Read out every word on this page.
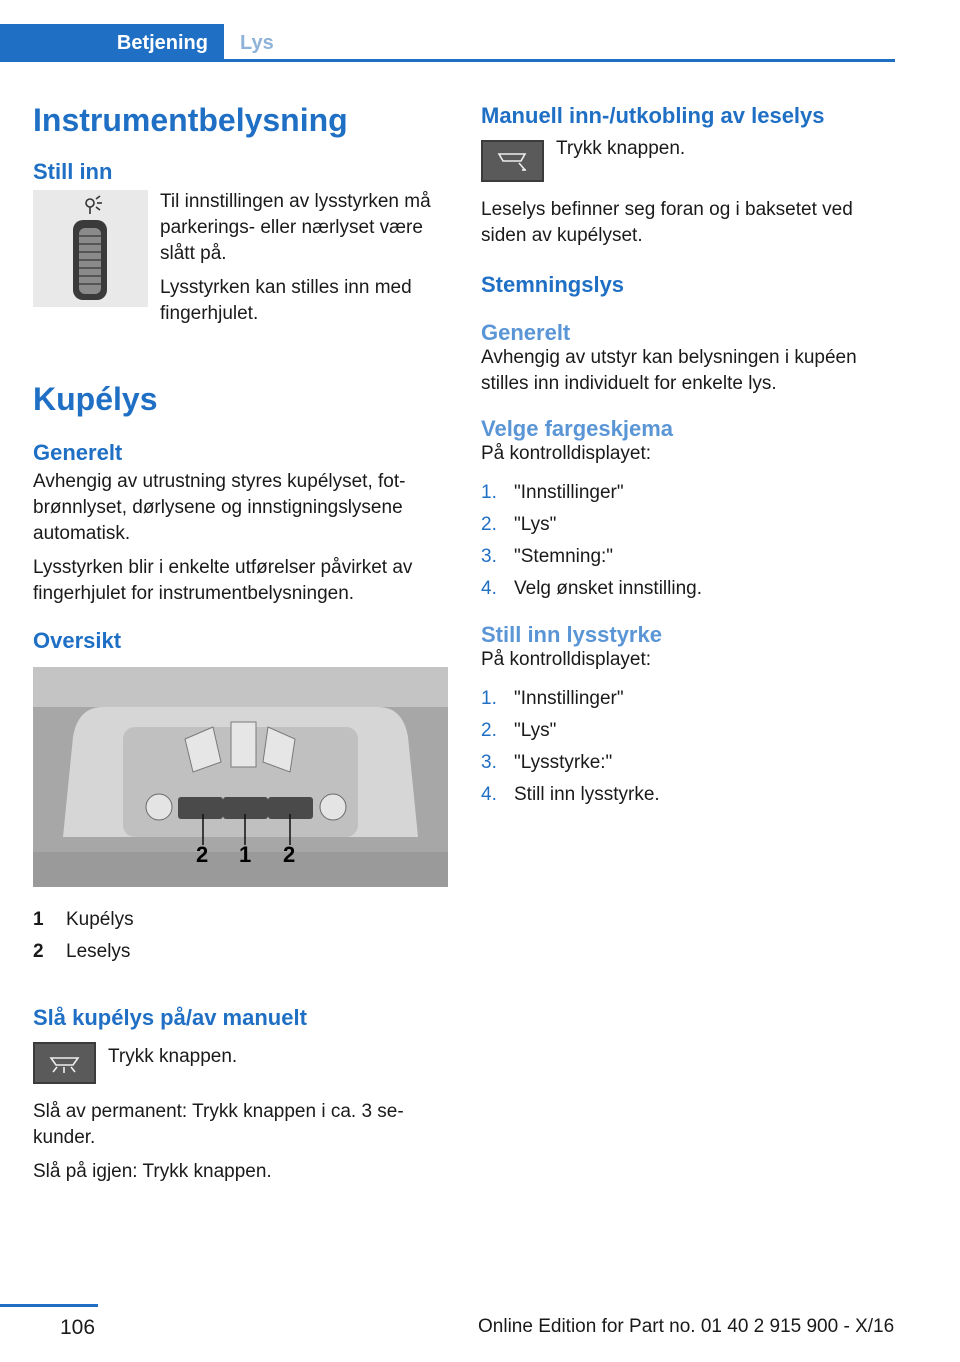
Betjening	Lys
Instrumentbelysning
Still inn

Til innstillingen av lysstyrken må parkerings- eller nærlyset være slått på.

Lysstyrken kan stilles inn med fingerhjulet.

Kupélys
Generelt

Avhengig av utrustning styres kupélyset, fotbrønnlyset, dørlysene og innstigningslysene automatisk.

Lysstyrken blir i enkelte utførelser påvirket av fingerhjulet for instrumentbelysningen.

Oversikt
2 1 2
1	Kupélys
2	Leselys
Slå kupélys på/av manuelt

Trykk knappen.

Slå av permanent: Trykk knappen i ca. 3 sekunder.

Slå på igjen: Trykk knappen.

Manuell inn-/utkobling av leselys

Trykk knappen.

Leselys befinner seg foran og i baksetet ved siden av kupélyset.

Stemningslys
Generelt

Avhengig av utstyr kan belysningen i kupéen stilles inn individuelt for enkelte lys.

Velge fargeskjema

På kontrolldisplayet:

1. "Innstillinger"
2. "Lys"
3. "Stemning:"
4. Velg ønsket innstilling.
Still inn lysstyrke

På kontrolldisplayet:

1. "Innstillinger"
2. "Lys"
3. "Lysstyrke:"
4. Still inn lysstyrke.
106	Online Edition for Part no. 01 40 2 915 900 - X/16
